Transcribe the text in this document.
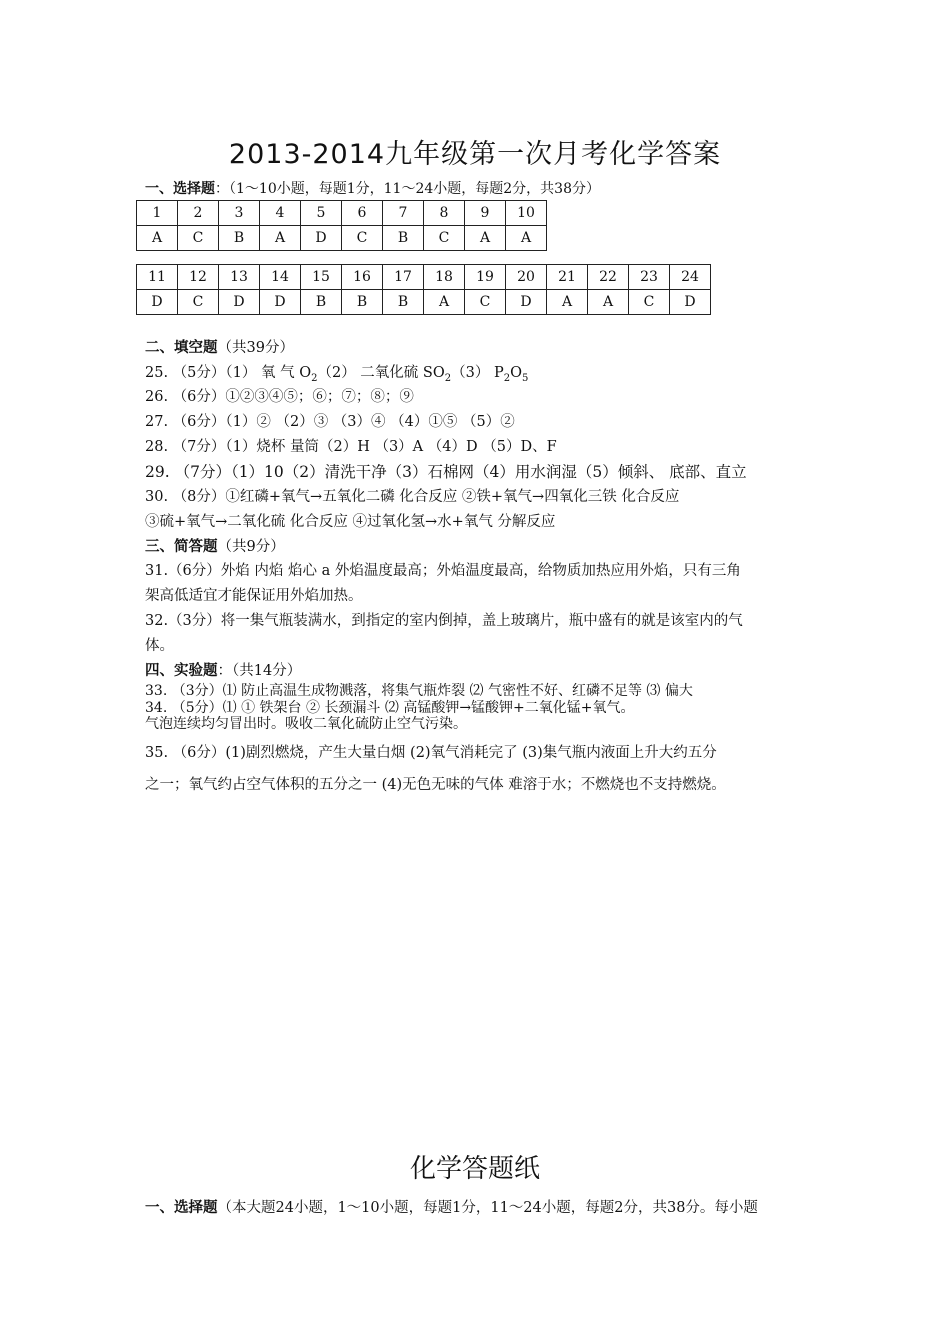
2013-2014九年级第一次月考化学答案
一、选择题：（1～10小题，每题1分，11～24小题，每题2分，共38分）
1	2	3	4	5	6	7	8	9	10
A	C	B	A	D	C	B	C	A	A
11	12	13	14	15	16	17	18	19	20	21	22	23	24
D	C	D	D	B	B	B	A	C	D	A	A	C	D
二、填空题（共39分）
25. （5分）（1） 氧 气 $O_2(2)$ 二氧化硫 $SO_2(3)$ $P_2O_5$
26. （6分）①②③④⑤；⑥；⑦；⑧；⑨
27. （6分）（1）② （2）③ （3）④ （4）①⑤ （5）②
28. （7分）（1）烧杯 量筒（2）H （3）A （4）D （5）D、F
29. （7分）（1）10（2）清洗干净（3）石棉网（4）用水润湿（5）倾斜、 底部、直立
30. （8分）①红磷+氧气→五氧化二磷 化合反应 ②铁+氧气→四氧化三铁 化合反应
③硫+氧气→二氧化硫 化合反应 ④过氧化氢→水+氧气 分解反应
三、简答题（共9分）
31.（6分）外焰 内焰 焰心 a 外焰温度最高；外焰温度最高，给物质加热应用外焰，只有三角
架高低适宜才能保证用外焰加热。
32.（3分）将一集气瓶装满水，到指定的室内倒掉，盖上玻璃片，瓶中盛有的就是该室内的气
体。
四、实验题：（共14分）
33. （3分）⑴ 防止高温生成物溅落，将集气瓶炸裂 ⑵ 气密性不好、红磷不足等 ⑶ 偏大
34. （5分）⑴ ① 铁架台 ② 长颈漏斗 ⑵ 高锰酸钾→锰酸钾+二氧化锰+氧气。
气泡连续均匀冒出时。吸收二氧化硫防止空气污染。
35. （6分）(1)剧烈燃烧，产生大量白烟 (2)氧气消耗完了 (3)集气瓶内液面上升大约五分
之一；氧气约占空气体积的五分之一 (4)无色无味的气体 难溶于水；不燃烧也不支持燃烧。
化学答题纸
一、选择题（本大题24小题，1～10小题，每题1分，11～24小题，每题2分，共38分。每小题
